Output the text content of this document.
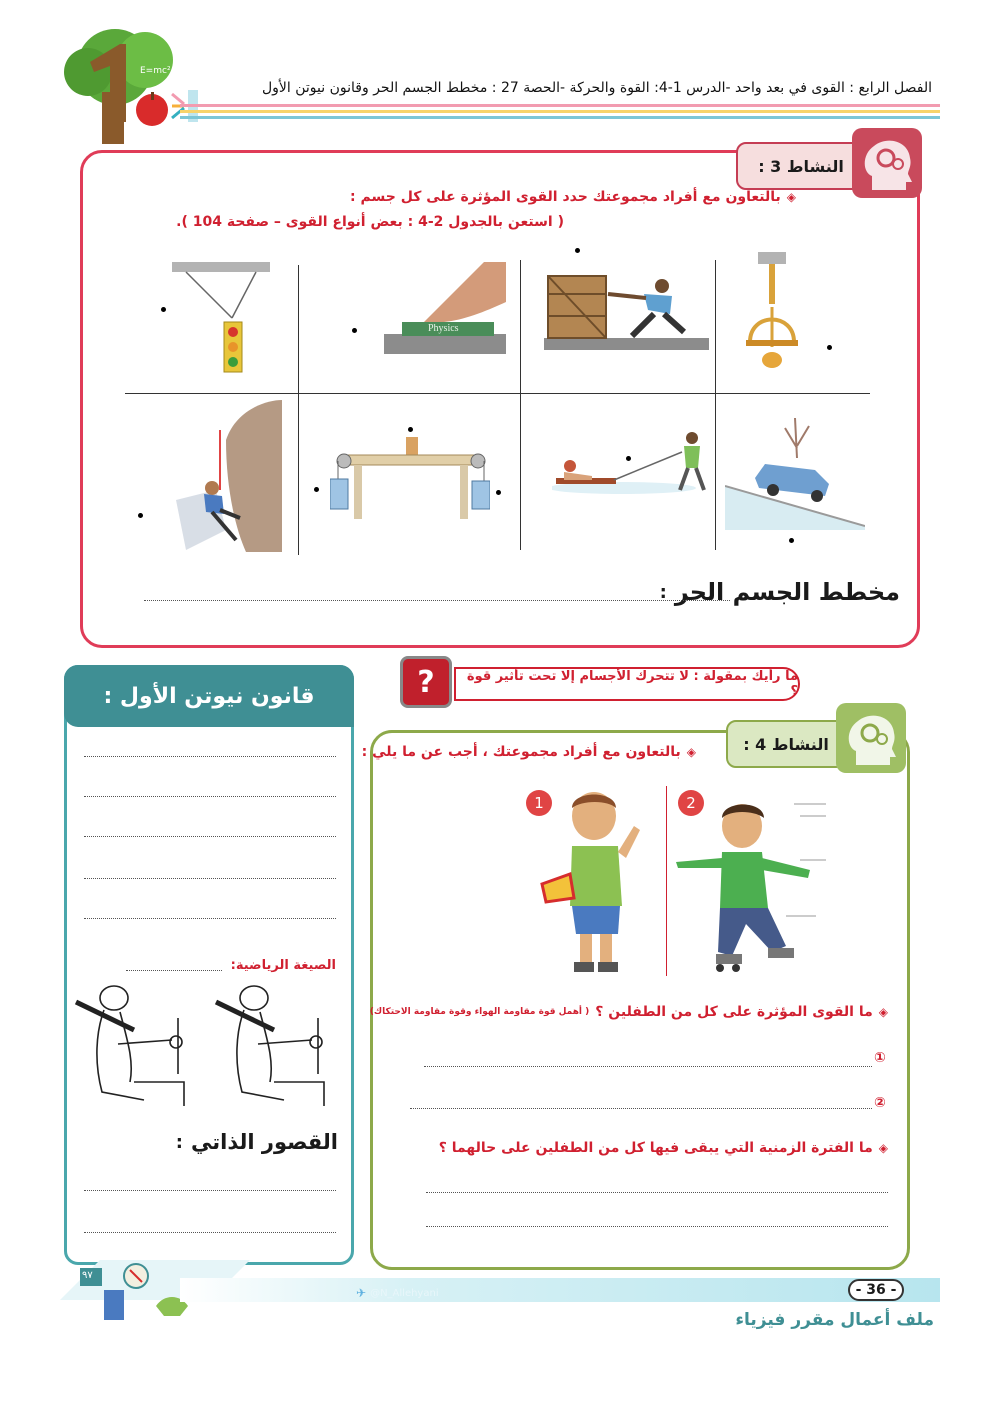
E=mc²
الفصل الرابع : القوى في بعد واحد -الدرس 1-4: القوة والحركة -الحصة 27 : مخطط الجسم الحر وقانون نيوتن الأول
النشاط 3 :
◈
بالتعاون مع أفراد مجموعتك حدد القوى المؤثرة على كل جسم :
( استعن بالجدول 2-4 : بعض أنواع القوى – صفحة 104 ).
Physics
مخطط الجسم الحر
:
?	ما رأيك بمقولة : لا تتحرك الأجسام إلا تحت تأثير قوة ؟
قانون نيوتن الأول :
الصيغة الرياضية:
القصور الذاتي
:
النشاط 4 :
◈
بالتعاون مع أفراد مجموعتك ، أجب عن ما يلي :
1	2
◈
ما القوى المؤثرة على كل من الطفلين ؟
( أهمل قوة مقاومة الهواء وقوة مقاومة الاحتكاك)
①
②
◈
ما الفترة الزمنية التي يبقى فيها كل من الطفلين على حالهما ؟
٩٧
✈ @N_Allehyani	- 36 -
ملف أعمال مقرر فيزياء
